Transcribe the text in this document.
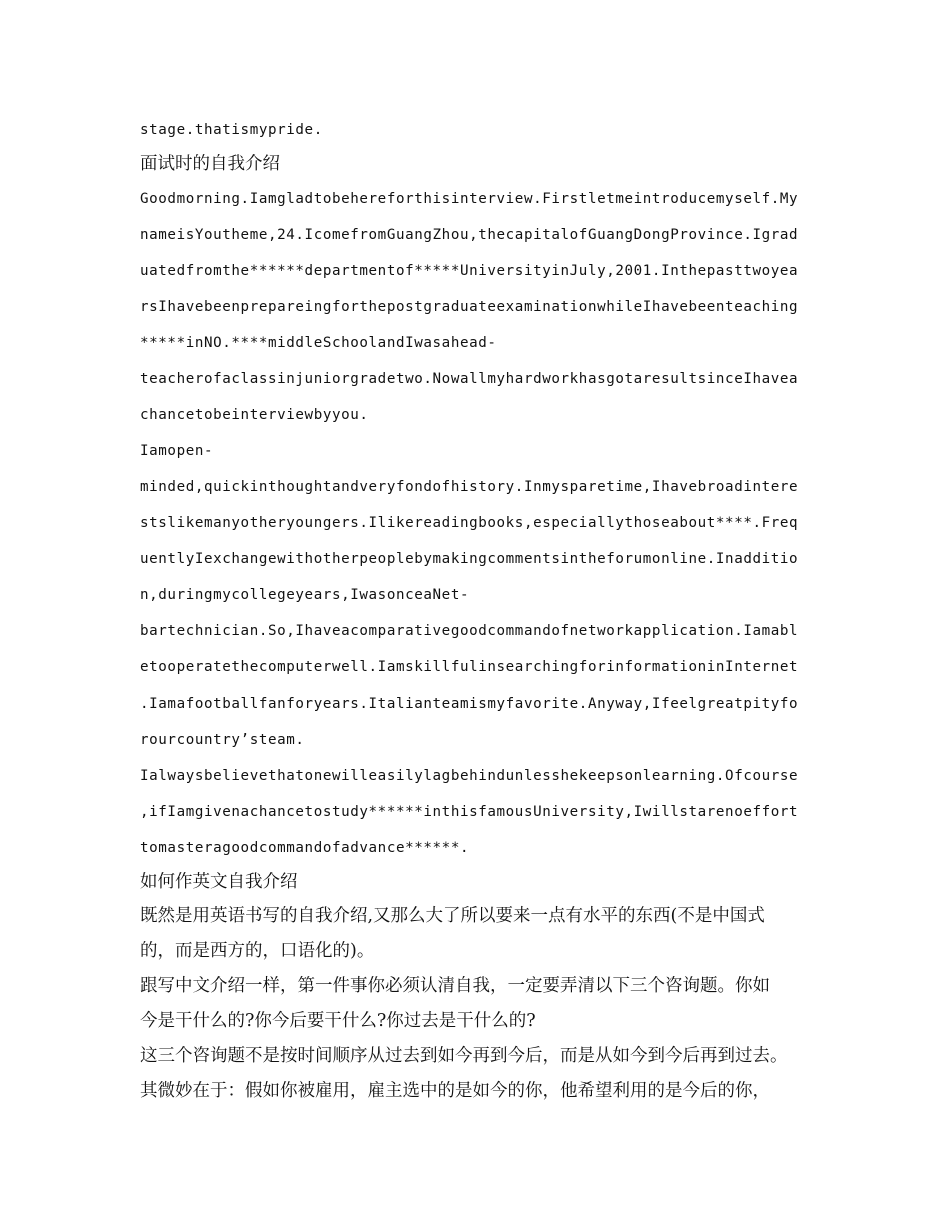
stage.thatismypride.
面试时的自我介绍
Goodmorning.Iamgladtobehereforthisinterview.Firstletmeintroducemyself.My
nameisYoutheme,24.IcomefromGuangZhou,thecapitalofGuangDongProvince.Igrad
uatedfromthe******departmentof*****UniversityinJuly,2001.Inthepasttwoyea
rsIhavebeenprepareingforthepostgraduateexaminationwhileIhavebeenteaching
*****inNO.****middleSchoolandIwasahead-
teacherofaclassinjuniorgradetwo.NowallmyhardworkhasgotaresultsinceIhavea
chancetobeinterviewbyyou.
Iamopen-
minded,quickinthoughtandveryfondofhistory.Inmysparetime,Ihavebroadintere
stslikemanyotheryoungers.Ilikereadingbooks,especiallythoseabout****.Freq
uentlyIexchangewithotherpeoplebymakingcommentsintheforumonline.Inadditio
n,duringmycollegeyears,IwasonceaNet-
bartechnician.So,Ihaveacomparativegoodcommandofnetworkapplication.Iamabl
etooperatethecomputerwell.IamskillfulinsearchingforinformationinInternet
.Iamafootballfanforyears.Italianteamismyfavorite.Anyway,Ifeelgreatpityfo
rourcountry’steam.
Ialwaysbelievethatonewilleasilylagbehindunlesshekeepsonlearning.Ofcourse
,ifIamgivenachancetostudy******inthisfamousUniversity,Iwillstarenoeffort
tomasteragoodcommandofadvance******.
如何作英文自我介绍
既然是用英语书写的自我介绍,又那么大了所以要来一点有水平的东西(不是中国式
的，而是西方的，口语化的)。
跟写中文介绍一样，第一件事你必须认清自我，一定要弄清以下三个咨询题。你如
今是干什么的?你今后要干什么?你过去是干什么的?
这三个咨询题不是按时间顺序从过去到如今再到今后，而是从如今到今后再到过去。
其微妙在于：假如你被雇用，雇主选中的是如今的你，他希望利用的是今后的你，
